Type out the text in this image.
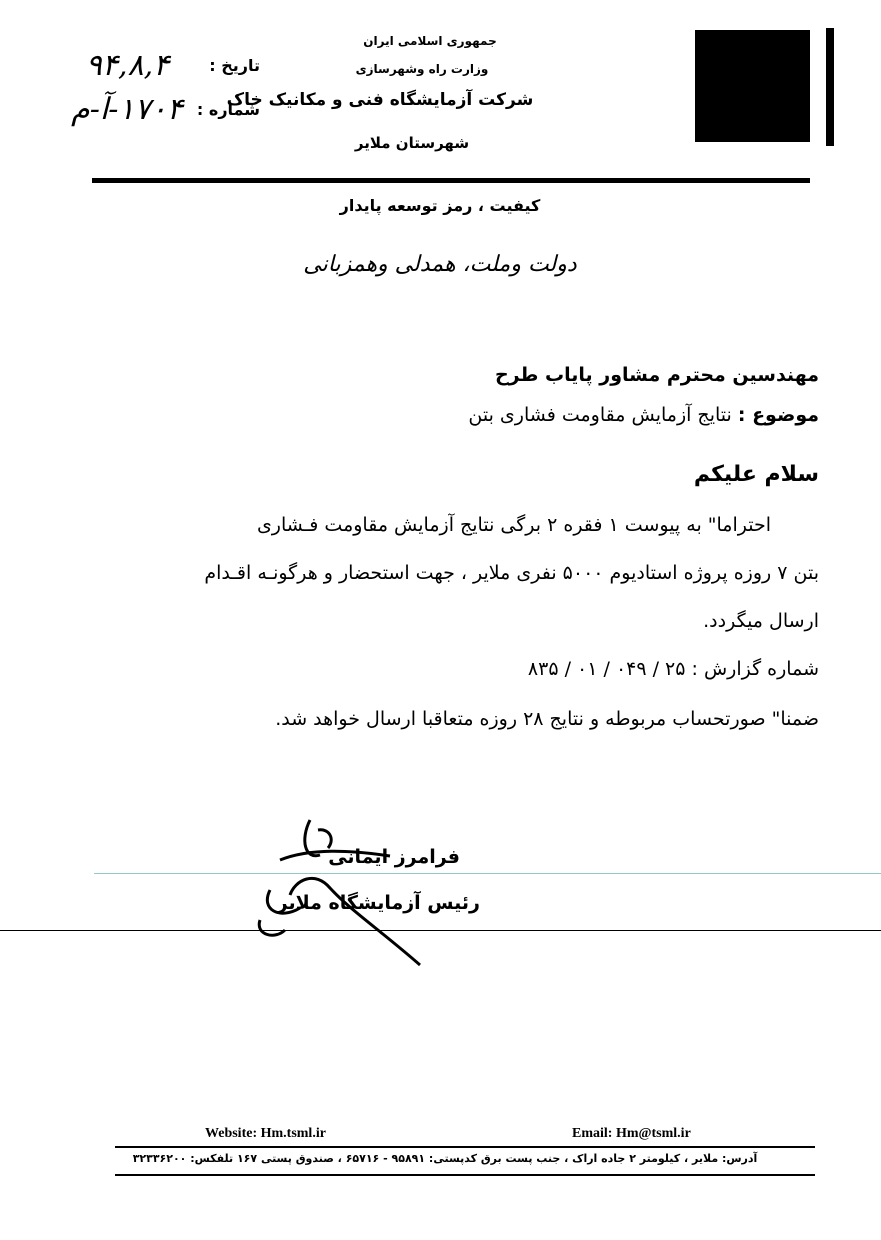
جمهوری اسلامی ایران
وزارت راه وشهرسازی
شرکت آزمایشگاه فنی و مکانیک خاک
شهرستان ملایر
تاریخ :
۹۴,۸,۴
شماره :
۱۷۰۴-آ-م
کیفیت ، رمز توسعه پایدار
دولت وملت، همدلی وهمزبانی
مهندسین محترم مشاور پایاب طرح
موضوع : نتایج آزمایش مقاومت فشاری بتن
سلام علیکم
احتراما" به پیوست ۱ فقره ۲ برگی نتایج آزمایش مقاومت فـشاری
بتن ۷ روزه پروژه استادیوم ۵۰۰۰ نفری ملایر ، جهت استحضار و هرگونـه اقـدام
ارسال میگردد.
شماره گزارش : ۲۵ / ۰۴۹ / ۰۱ / ۸۳۵
ضمنا" صورتحساب مربوطه و نتایج ۲۸ روزه متعاقبا ارسال خواهد شد.
فرامرز ایمانی
رئیس آزمایشگاه ملایر
Website: Hm.tsml.ir	Email: Hm@tsml.ir
آدرس: ملایر ، کیلومتر ۲ جاده اراک ، جنب پست برق کدپستی: ۹۵۸۹۱ - ۶۵۷۱۶ ، صندوق پستی ۱۶۷ تلفکس: ۳۲۳۳۶۲۰۰
